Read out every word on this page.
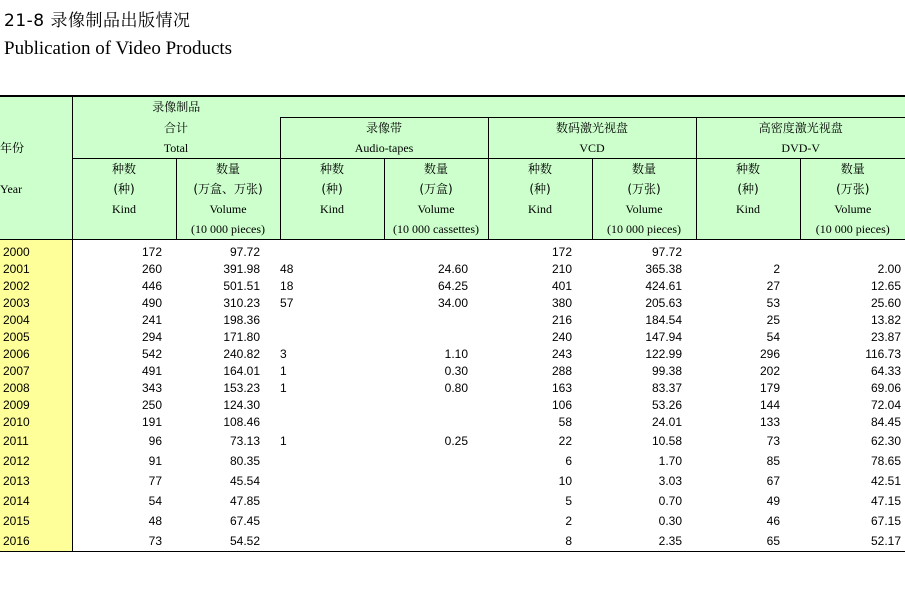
21-8 录像制品出版情况
Publication of Video Products
	录像制品							
	合计		录像带		数码激光视盘		高密度激光视盘	
年份	Total		Audio-tapes		VCD		DVD-V	
	种数	数量	种数	数量	种数	数量	种数	数量
Year	(种)	(万盒、万张)	(种)	(万盒)	(种)	(万张)	(种)	(万张)
	Kind	Volume	Kind	Volume	Kind	Volume	Kind	Volume
		(10 000 pieces)		(10 000 cassettes)		(10 000 pieces)		(10 000 pieces)

2000	172	97.72			172	97.72		
2001	260	391.98	48	24.60	210	365.38	2	2.00
2002	446	501.51	18	64.25	401	424.61	27	12.65
2003	490	310.23	57	34.00	380	205.63	53	25.60
2004	241	198.36			216	184.54	25	13.82
2005	294	171.80			240	147.94	54	23.87
2006	542	240.82	3	1.10	243	122.99	296	116.73
2007	491	164.01	1	0.30	288	99.38	202	64.33
2008	343	153.23	1	0.80	163	83.37	179	69.06
2009	250	124.30			106	53.26	144	72.04
2010	191	108.46			58	24.01	133	84.45
2011	96	73.13	1	0.25	22	10.58	73	62.30
2012	91	80.35			6	1.70	85	78.65
2013	77	45.54			10	3.03	67	42.51
2014	54	47.85			5	0.70	49	47.15
2015	48	67.45			2	0.30	46	67.15
2016	73	54.52			8	2.35	65	52.17
